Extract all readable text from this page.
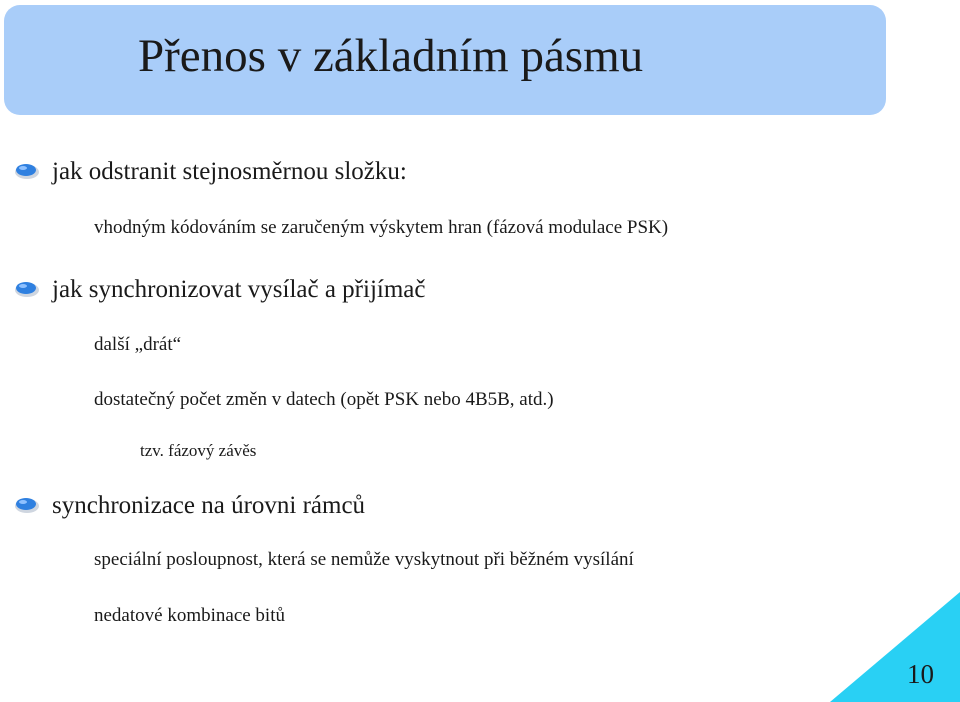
Přenos v základním pásmu
jak odstranit stejnosměrnou složku:
vhodným kódováním se zaručeným výskytem hran (fázová modulace PSK)
jak synchronizovat vysílač a přijímač
další „drát“
dostatečný počet změn v datech (opět PSK nebo 4B5B, atd.)
tzv. fázový závěs
synchronizace na úrovni rámců
speciální posloupnost, která se nemůže vyskytnout při běžném vysílání
nedatové kombinace bitů
10
